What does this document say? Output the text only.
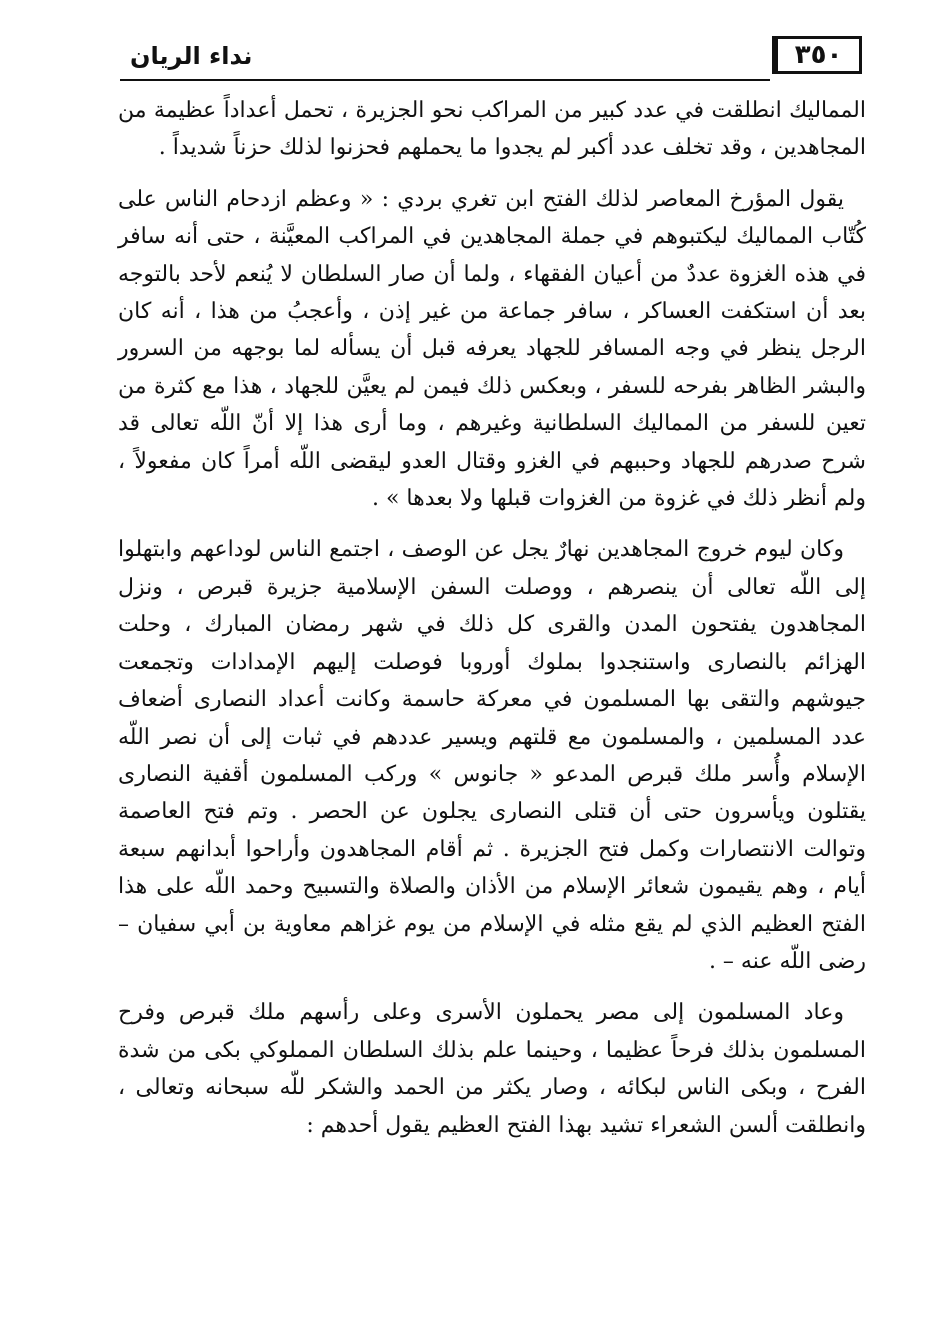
٣٥٠
نداء الريان

المماليك انطلقت في عدد كبير من المراكب نحو الجزيرة ، تحمل أعداداً عظيمة من المجاهدين ، وقد تخلف عدد أكبر لم يجدوا ما يحملهم فحزنوا لذلك حزناً شديداً .

يقول المؤرخ المعاصر لذلك الفتح ابن تغري بردي : « وعظم ازدحام الناس على كُتّاب المماليك ليكتبوهم في جملة المجاهدين في المراكب المعيَّنة ، حتى أنه سافر في هذه الغزوة عددٌ من أعيان الفقهاء ، ولما أن صار السلطان لا يُنعم لأحد بالتوجه بعد أن استكفت العساكر ، سافر جماعة من غير إذن ، وأعجبُ من هذا ، أنه كان الرجل ينظر في وجه المسافر للجهاد يعرفه قبل أن يسأله لما بوجهه من السرور والبشر الظاهر بفرحه للسفر ، وبعكس ذلك فيمن لم يعيَّن للجهاد ، هذا مع كثرة من تعين للسفر من المماليك السلطانية وغيرهم ، وما أرى هذا إلا أنّ اللّه تعالى قد شرح صدرهم للجهاد وحببهم في الغزو وقتال العدو ليقضى اللّه أمراً كان مفعولاً ، ولم أنظر ذلك في غزوة من الغزوات قبلها ولا بعدها » .

وكان ليوم خروج المجاهدين نهارٌ يجل عن الوصف ، اجتمع الناس لوداعهم وابتهلوا إلى اللّه تعالى أن ينصرهم ، ووصلت السفن الإسلامية جزيرة قبرص ، ونزل المجاهدون يفتحون المدن والقرى كل ذلك في شهر رمضان المبارك ، وحلت الهزائم بالنصارى واستنجدوا بملوك أوروبا فوصلت إليهم الإمدادات وتجمعت جيوشهم والتقى بها المسلمون في معركة حاسمة وكانت أعداد النصارى أضعاف عدد المسلمين ، والمسلمون مع قلتهم ويسير عددهم في ثبات إلى أن نصر اللّه الإسلام وأُسر ملك قبرص المدعو « جانوس » وركب المسلمون أقفية النصارى يقتلون ويأسرون حتى أن قتلى النصارى يجلون عن الحصر . وتم فتح العاصمة وتوالت الانتصارات وكمل فتح الجزيرة . ثم أقام المجاهدون وأراحوا أبدانهم سبعة أيام ، وهم يقيمون شعائر الإسلام من الأذان والصلاة والتسبيح وحمد اللّه على هذا الفتح العظيم الذي لم يقع مثله في الإسلام من يوم غزاهم معاوية بن أبي سفيان – رضى اللّه عنه – .

وعاد المسلمون إلى مصر يحملون الأسرى وعلى رأسهم ملك قبرص وفرح المسلمون بذلك فرحاً عظيما ، وحينما علم بذلك السلطان المملوكي بكى من شدة الفرح ، وبكى الناس لبكائه ، وصار يكثر من الحمد والشكر للّه سبحانه وتعالى ، وانطلقت ألسن الشعراء تشيد بهذا الفتح العظيم يقول أحدهم :
